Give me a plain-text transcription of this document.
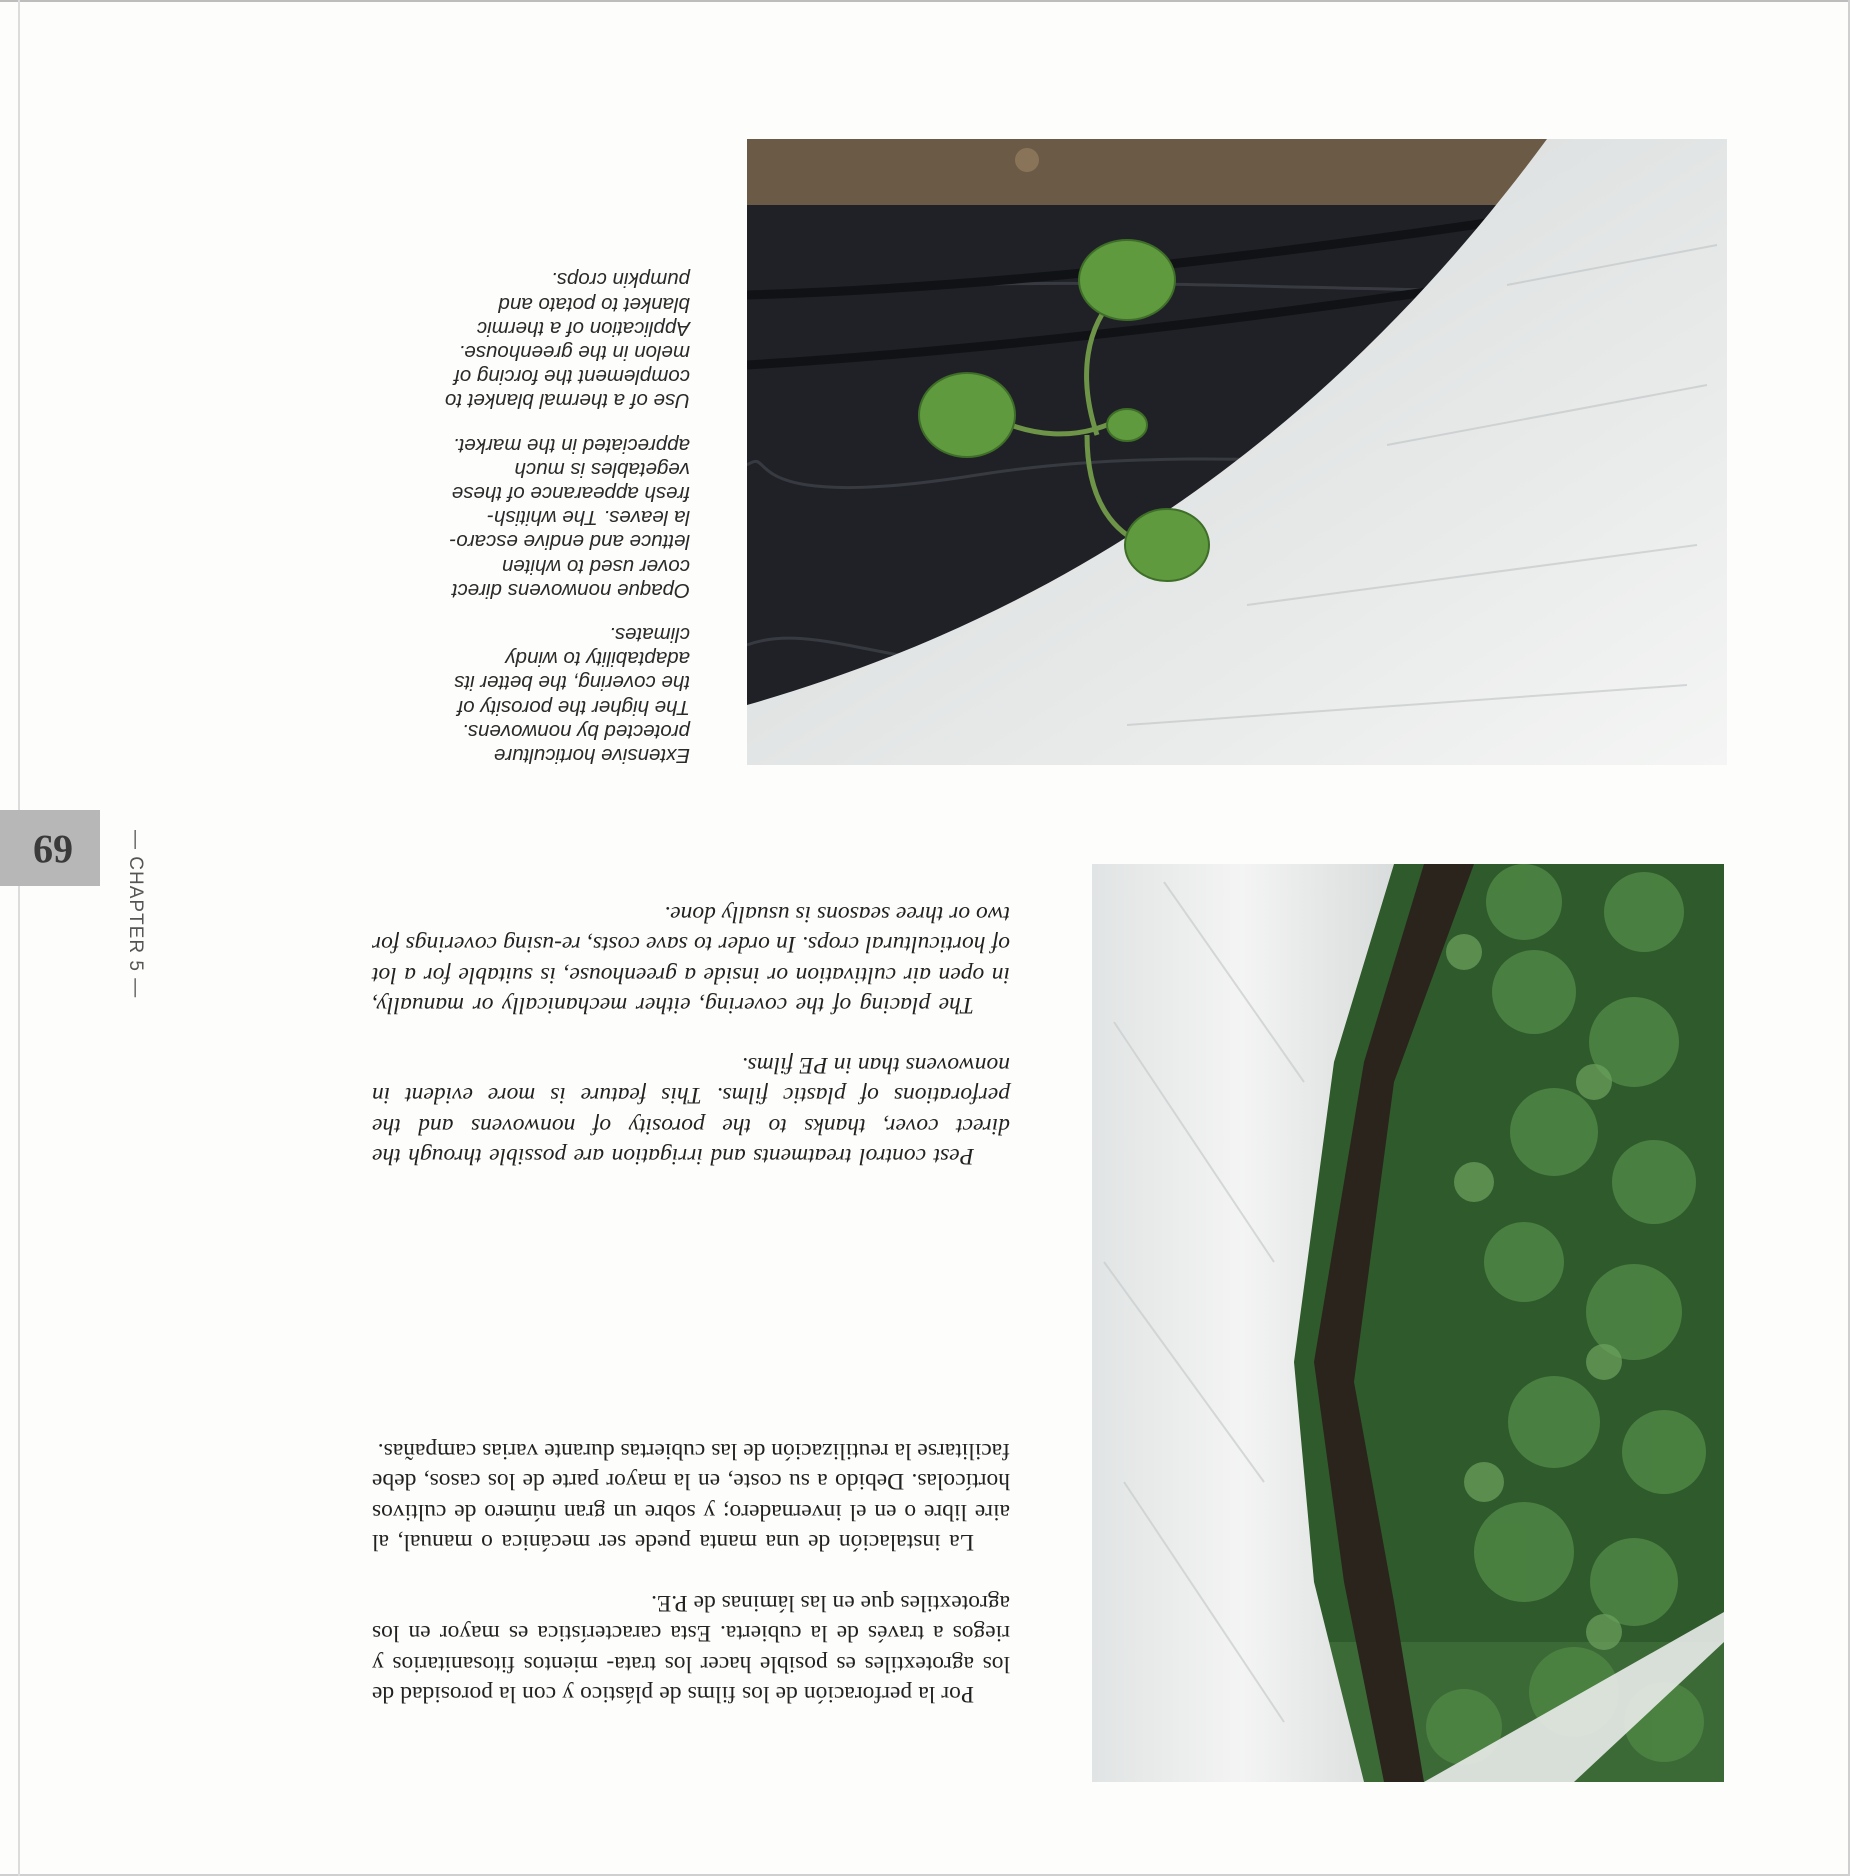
Por la perforación de los films de plástico y con la porosidad de los agrotextiles es posible hacer los trata- mientos fitosanitarios y riegos a través de la cubierta. Esta característica es mayor en los agrotextiles que en las láminas de P.E.

La instalación de una manta puede ser mecánica o manual, al aire libre o en el invernadero; y sobre un gran número de cultivos hortícolas. Debido a su coste, en la mayor parte de los casos, debe facilitarse la reutilización de las cubiertas durante varias campañas.

Pest control treatments and irrigation are possible through the direct cover, thanks to the porosity of nonwovens and the perforations of plastic films. This feature is more evident in nonwovens than in PE films.

The placing of the covering, either mechanically or manually, in open air cultivation or inside a greenhouse, is suitable for a lot of horticultural crops. In order to save costs, re-using coverings for two or three seasons is usually done.

Extensive horticulture
protected by nonwovens.
The higher the porosity of
the covering, the better its
adaptability to windy
climates.
Opaque nonwovens direct
cover used to whiten
lettuce and endive escaro-
la leaves. The whitish-
fresh appearance of these
vegetables is much
appreciated in the market.
Use of a thermal blanket to
complement the forcing of
melon in the greenhouse.
Application of a thermic
blanket to potato and
pumpkin crops.
69	— CHAPTER 5 —
